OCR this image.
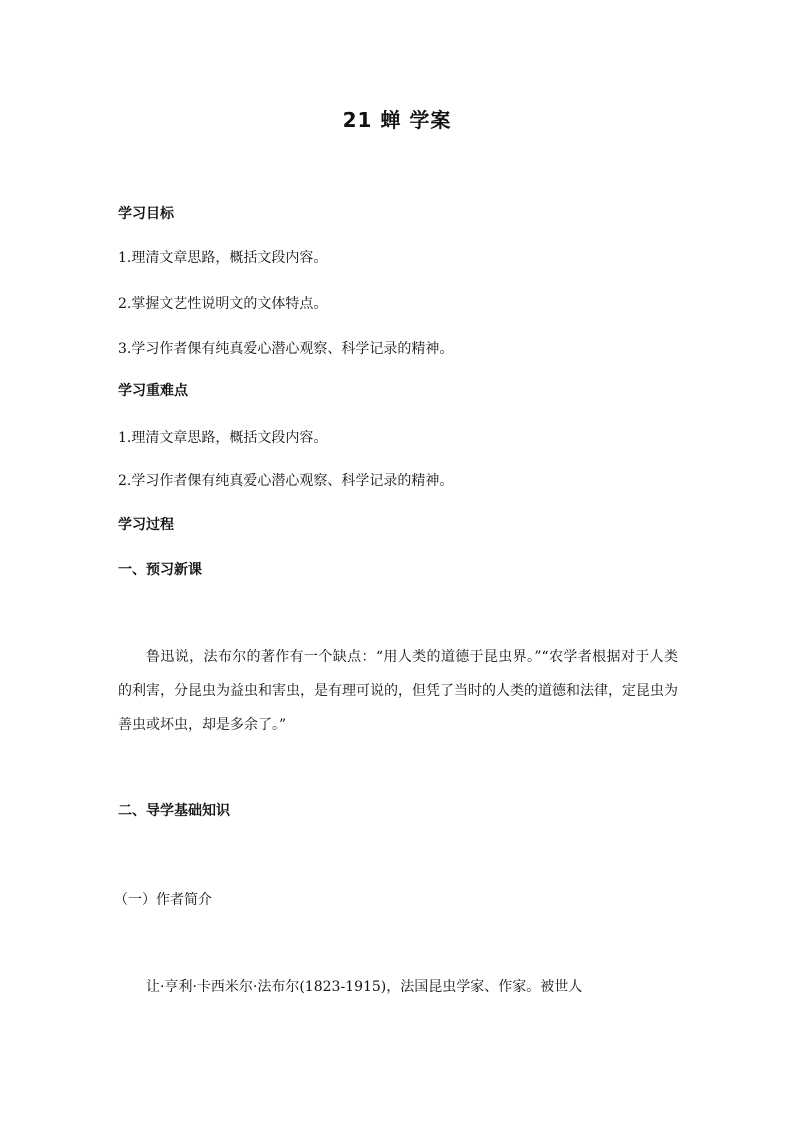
21 蝉 学案
学习目标
1.理清文章思路，概括文段内容。
2.掌握文艺性说明文的文体特点。
3.学习作者倮有纯真爱心潜心观察、科学记录的精神。
学习重难点
1.理清文章思路，概括文段内容。
2.学习作者倮有纯真爱心潜心观察、科学记录的精神。
学习过程
一、预习新课
鲁迅说，法布尔的著作有一个缺点：“用人类的道德于昆虫界。”“农学者根据对于人类的利害，分昆虫为益虫和害虫，是有理可说的，但凭了当时的人类的道德和法律，定昆虫为善虫或坏虫，却是多余了。”
二、导学基础知识
（一）作者简介
让·亨利·卡西米尔·法布尔(1823-1915)，法国昆虫学家、作家。被世人
